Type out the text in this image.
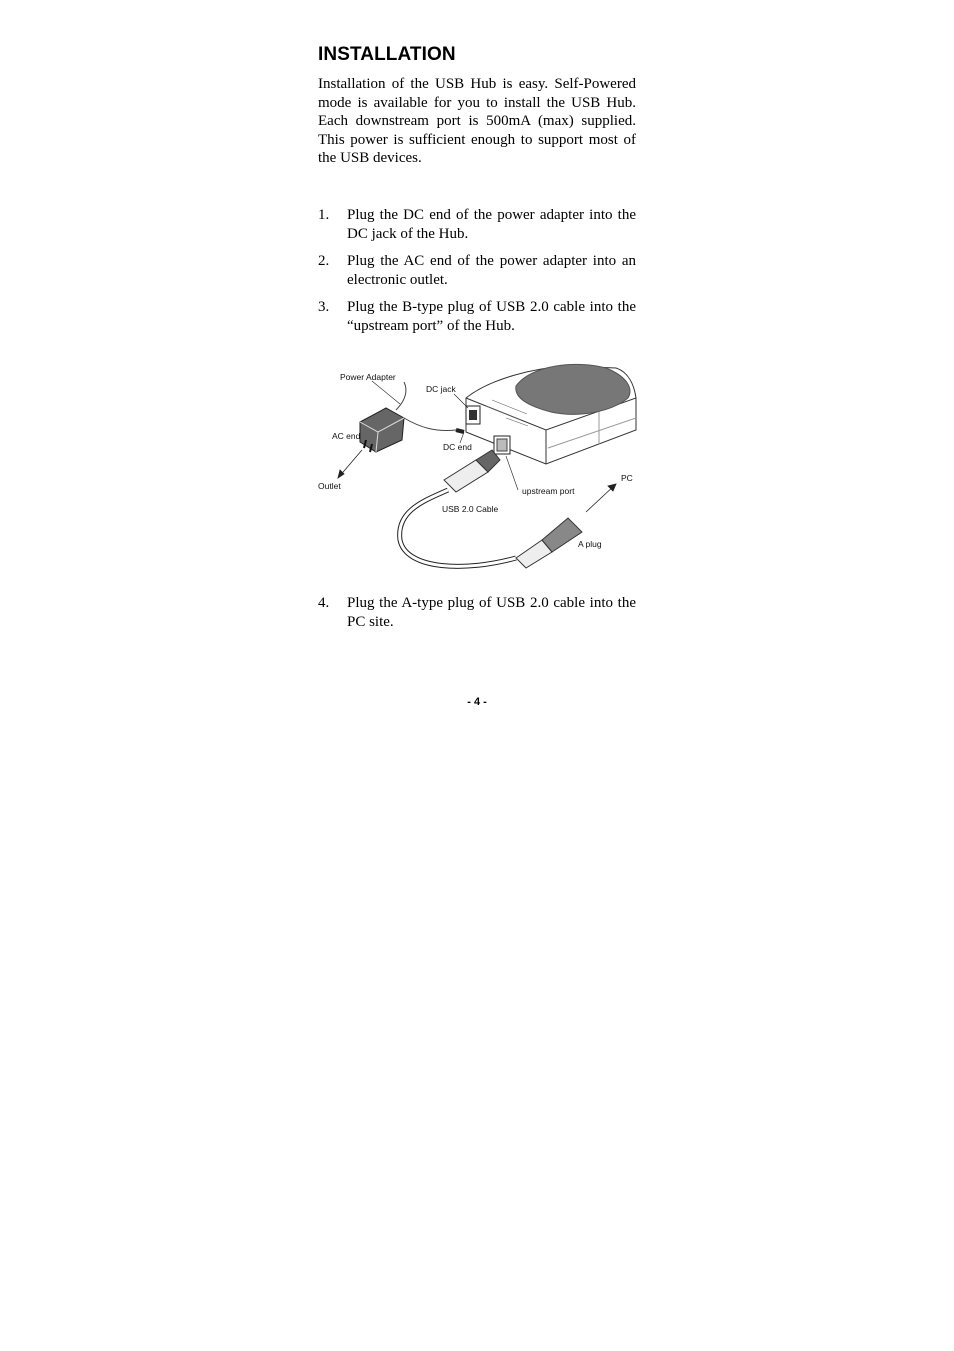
INSTALLATION

Installation of the USB Hub is easy. Self-Powered mode is available for you to install the USB Hub. Each downstream port is 500mA (max) supplied. This power is sufficient enough to support most of the USB devices.

1. Plug the DC end of the power adapter into the DC jack of the Hub.
2. Plug the AC end of the power adapter into an electronic outlet.
3. Plug the B-type plug of USB 2.0 cable into the “upstream port” of the Hub.
Power Adapter
DC jack
AC end
DC end
Outlet	upstream port
USB 2.0 Cable
PC
A plug
4. Plug the A-type plug of USB 2.0 cable into the PC site.
- 4 -
